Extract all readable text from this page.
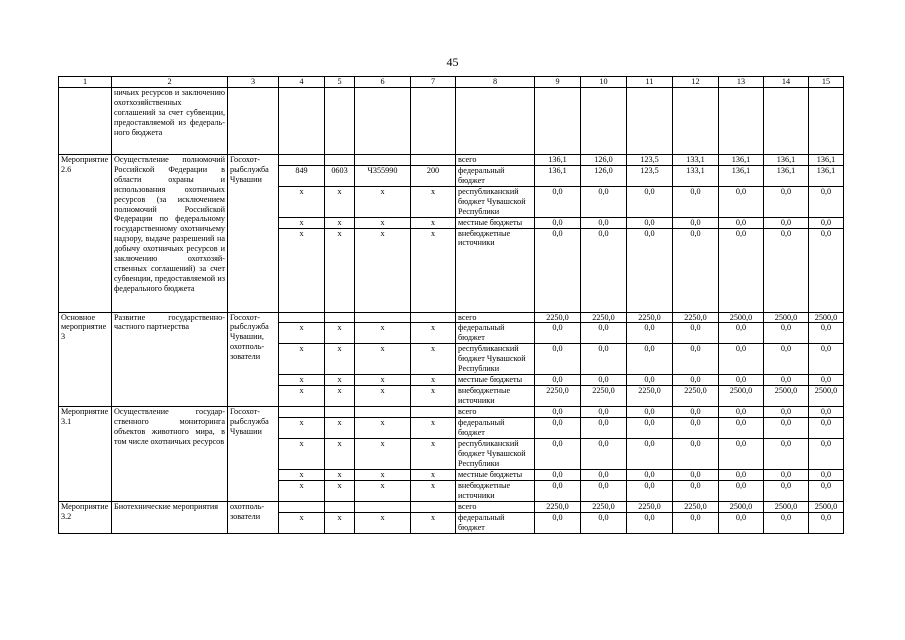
45
1	2	3	4	5	6	7	8	9	10	11	12	13	14	15
	ничьих ресурсов и заключению охотхозяйственных соглашений за счет субвенции, предоставляемой из федерального бюджета													
Мероприятие 2.6	Осуществление полномочий Российской Федерации в области охраны и использования охотничьих ресурсов (за исключением полномочий Российской Федерации по федеральному государственному охотничьему надзору, выдаче разрешений на добычу охотничьих ресурсов и заключению охотхозяйственных соглашений) за счет субвенции, предоставляемой из федерального бюджета	Госохотрыбслужба Чувашии					всего	136,1	126,0	123,5	133,1	136,1	136,1	136,1
			849	0603	Ч355990	200	федеральный бюджет	136,1	126,0	123,5	133,1	136,1	136,1	136,1
			x	x	x	x	республиканский бюджет Чувашской Республики	0,0	0,0	0,0	0,0	0,0	0,0	0,0
			x	x	x	x	местные бюджеты	0,0	0,0	0,0	0,0	0,0	0,0	0,0
			x	x	x	x	внебюджетные источники	0,0	0,0	0,0	0,0	0,0	0,0	0,0
Основное мероприятие 3	Развитие государственно-частного партнерства	Госохотрыбслужба Чувашии, охотпользователи					всего	2250,0	2250,0	2250,0	2250,0	2500,0	2500,0	2500,0
			x	x	x	x	федеральный бюджет	0,0	0,0	0,0	0,0	0,0	0,0	0,0
			x	x	x	x	республиканский бюджет Чувашской Республики	0,0	0,0	0,0	0,0	0,0	0,0	0,0
			x	x	x	x	местные бюджеты	0,0	0,0	0,0	0,0	0,0	0,0	0,0
			x	x	x	x	внебюджетные источники	2250,0	2250,0	2250,0	2250,0	2500,0	2500,0	2500,0
Мероприятие 3.1	Осуществление государственного мониторинга объектов животного мира, в том числе охотничьих ресурсов	Госохотрыбслужба Чувашии					всего	0,0	0,0	0,0	0,0	0,0	0,0	0,0
			x	x	x	x	федеральный бюджет	0,0	0,0	0,0	0,0	0,0	0,0	0,0
			x	x	x	x	республиканский бюджет Чувашской Республики	0,0	0,0	0,0	0,0	0,0	0,0	0,0
			x	x	x	x	местные бюджеты	0,0	0,0	0,0	0,0	0,0	0,0	0,0
			x	x	x	x	внебюджетные источники	0,0	0,0	0,0	0,0	0,0	0,0	0,0
Мероприятие 3.2	Биотехнические мероприятия	охотпользователи					всего	2250,0	2250,0	2250,0	2250,0	2500,0	2500,0	2500,0
			x	x	x	x	федеральный бюджет	0,0	0,0	0,0	0,0	0,0	0,0	0,0
